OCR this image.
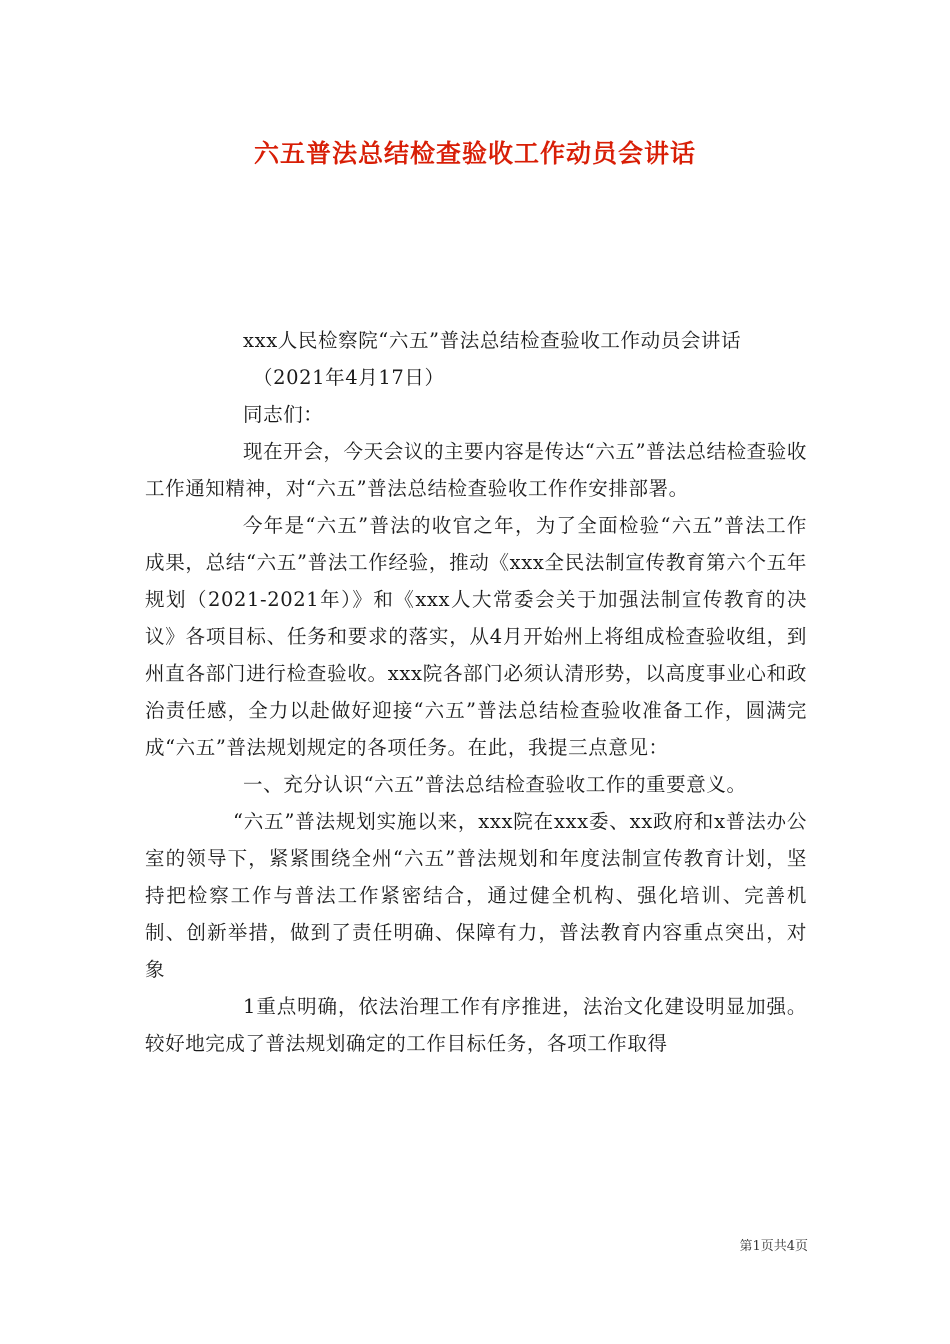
六五普法总结检查验收工作动员会讲话

xxx人民检察院“六五”普法总结检查验收工作动员会讲话

（2021年4月17日）

同志们：

现在开会，今天会议的主要内容是传达“六五”普法总结检查验收工作通知精神，对“六五”普法总结检查验收工作作安排部署。

今年是“六五”普法的收官之年，为了全面检验“六五”普法工作成果，总结“六五”普法工作经验，推动《xxx全民法制宣传教育第六个五年规划（2021-2021年）》和《xxx人大常委会关于加强法制宣传教育的决议》各项目标、任务和要求的落实，从4月开始州上将组成检查验收组，到州直各部门进行检查验收。xxx院各部门必须认清形势，以高度事业心和政治责任感，全力以赴做好迎接“六五”普法总结检查验收准备工作，圆满完成“六五”普法规划规定的各项任务。在此，我提三点意见：

一、充分认识“六五”普法总结检查验收工作的重要意义。

“六五”普法规划实施以来，xxx院在xxx委、xx政府和x普法办公室的领导下，紧紧围绕全州“六五”普法规划和年度法制宣传教育计划，坚持把检察工作与普法工作紧密结合，通过健全机构、强化培训、完善机制、创新举措，做到了责任明确、保障有力，普法教育内容重点突出，对象

1重点明确，依法治理工作有序推进，法治文化建设明显加强。较好地完成了普法规划确定的工作目标任务，各项工作取得

第1页共4页
